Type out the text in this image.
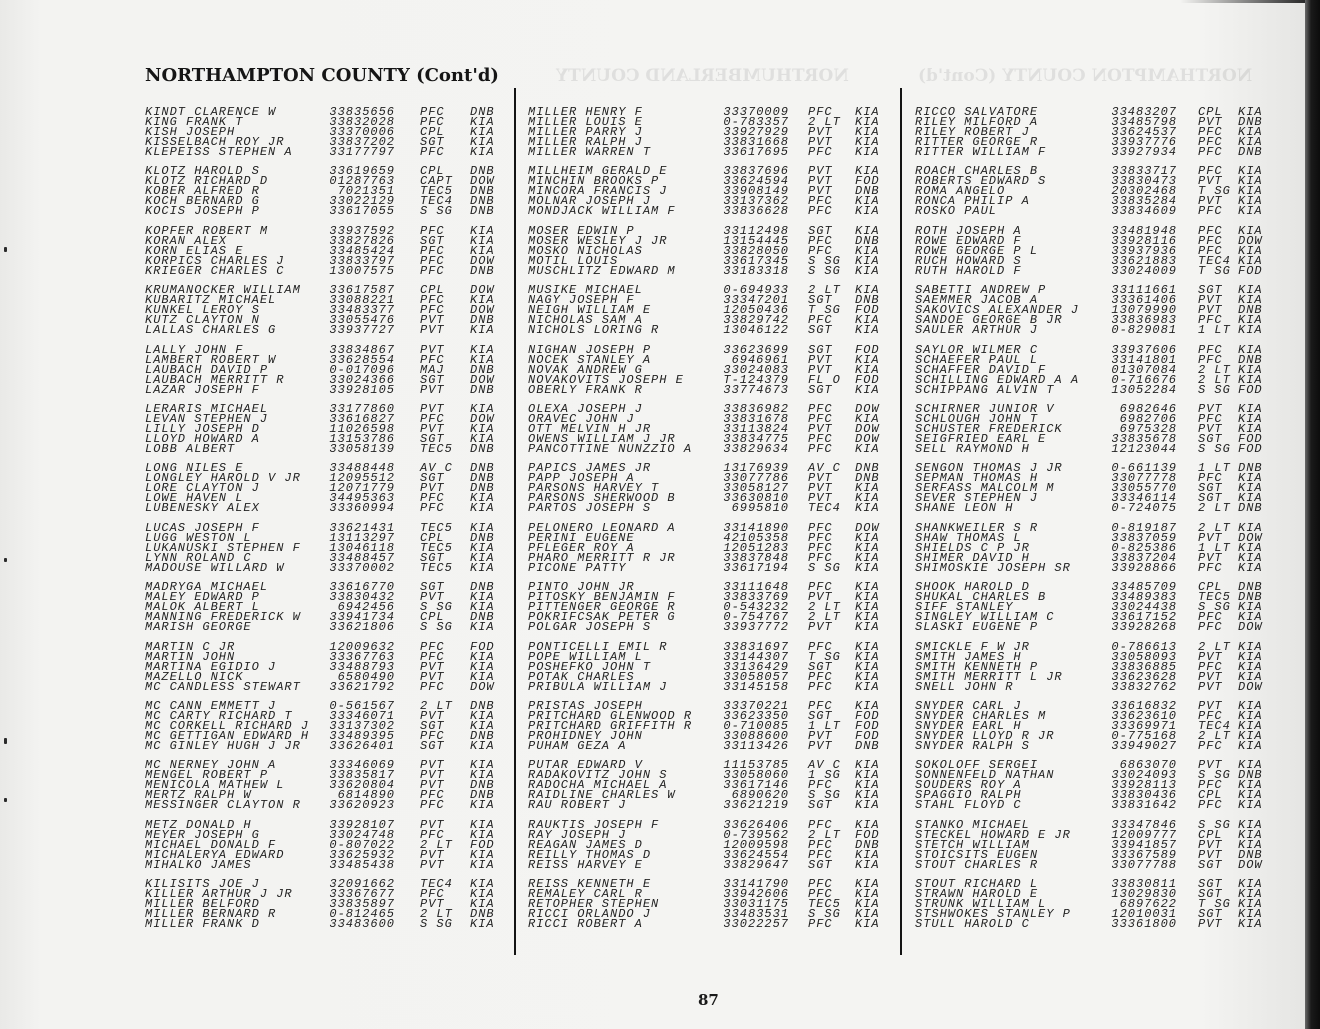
NORTHUMBERLAND COUNTY	NORTHAMPTON COUNTY (Cont'd)
NORTHAMPTON COUNTY (Cont'd)
KINDT CLARENCE W	33835656 PFC DNB
KING FRANK T	33832028 PFC KIA
KISH JOSEPH	33370006 CPL KIA
KISSELBACH ROY JR	33837202 SGT KIA
KLEPEISS STEPHEN A	33177797 PFC KIA
KLOTZ HAROLD S	33619659 CPL DNB
KLOTZ RICHARD D	01287763 CAPT DOW
KOBER ALFRED R	7021351 TEC5 DNB
KOCH BERNARD G	33022129 TEC4 DNB
KOCIS JOSEPH P	33617055 S SG DNB
KOPFER ROBERT M	33937592 PFC KIA
KORAN ALEX	33827826 SGT KIA
KORN ELIAS E	33485424 PFC KIA
KORPICS CHARLES J	33833797 PFC DOW
KRIEGER CHARLES C	13007575 PFC DNB
KRUMANOCKER WILLIAM 33617587 CPL DOW
KUBARITZ MICHAEL	33088221 PFC KIA
KUNKEL LEROY S	33483377 PFC DOW
KUTZ CLAYTON N	33055476 PVT DNB
LALLAS CHARLES G	33937727 PVT KIA
LALLY JOHN F	33834867 PVT KIA
LAMBERT ROBERT W	33628554 PFC KIA
LAUBACH DAVID P	0-017096 MAJ DNB
LAUBACH MERRITT R	33024366 SGT DOW
LAZAR JOSEPH F	33928105 PVT DNB
LERARIS MICHAEL	33177860 PVT KIA
LEVAN STEPHEN J	33616827 PFC DOW
LILLY JOSEPH D	11026598 PVT KIA
LLOYD HOWARD A	13153786 SGT KIA
LOBB ALBERT	33058139 TEC5 DNB
LONG NILES E	33488448 AV C DNB
LONGLEY HAROLD V JR 12095512 SGT DNB
LORE CLAYTON J	12071779 PVT DNB
LOWE HAVEN L	34495363 PFC KIA
LUBENESKY ALEX	33360994 PFC KIA
LUCAS JOSEPH F	33621431 TEC5 KIA
LUGG WESTON L	13113297 CPL DNB
LUKANUSKI STEPHEN F 13046118 TEC5 KIA
LYNN ROLAND C	33488457 SGT KIA
MADOUSE WILLARD W	33370002 TEC5 KIA
MADRYGA MICHAEL	33616770 SGT DNB
MALEY EDWARD P	33830432 PVT KIA
MALOK ALBERT L	6942456 S SG KIA
MANNING FREDERICK W 33941734 CPL DNB
MARISH GEORGE	33621806 S SG KIA
MARTIN C JR	12009632 PFC FOD
MARTIN JOHN	33367763 PFC KIA
MARTINA EGIDIO J	33488793 PVT KIA
MAZELLO NICK	6580490 PVT KIA
MC CANDLESS STEWART 33621792 PFC DOW
MC CANN EMMETT J	0-561567 2 LT DNB
MC CARTY RICHARD T	33346071 PVT KIA
MC CORKELL RICHARD J 33137302 SGT KIA
MC GETTIGAN EDWARD H 33489395 PFC DNB
MC GINLEY HUGH J JR 33626401 SGT KIA
MC NERNEY JOHN A	33346069 PVT KIA
MENGEL ROBERT P	33835817 PVT KIA
MENICOLA MATHEW L	33620804 PVT DNB
MERTZ RALPH W	6814890 PFC DNB
MESSINGER CLAYTON R 33620923 PFC KIA
METZ DONALD H	33928107 PVT KIA
MEYER JOSEPH G	33024748 PFC KIA
MICHAEL DONALD F	0-807022 2 LT FOD
MICHALERYA EDWARD	33625932 PVT KIA
MIHALKO JAMES	33485438 PVT KIA
KILISITS JOE J	32091662 TEC4 KIA
KILLER ARTHUR J JR	33367677 PFC KIA
MILLER BELFORD	33835897 PVT KIA
MILLER BERNARD R	0-812465 2 LT DNB
MILLER FRANK D	33483600 S SG KIA
MILLER HENRY F	33370009 PFC KIA
MILLER LOUIS E	0-783357 2 LT KIA
MILLER PARRY J	33927929 PVT KIA
MILLER RALPH J	33831668 PVT KIA
MILLER WARREN T	33617695 PFC KIA
MILLHEIM GERALD E	33837696 PVT KIA
MINCHIN BROOKS P	33624594 PVT FOD
MINCORA FRANCIS J	33908149 PVT DNB
MOLNAR JOSEPH J	33137362 PFC KIA
MONDJACK WILLIAM F	33836628 PFC KIA
MOSER EDWIN P	33112498 SGT KIA
MOSER WESLEY J JR	13154445 PFC DNB
MOSKO NICHOLAS	33828050 PFC KIA
MOTIL LOUIS	33617345 S SG KIA
MUSCHLITZ EDWARD M	33183318 S SG KIA
MUSIKE MICHAEL	0-694933 2 LT KIA
NAGY JOSEPH F	33347201 SGT DNB
NEIGH WILLIAM E	12050436 T SG FOD
NICHOLAS SAM A	33829742 PFC KIA
NICHOLS LORING R	13046122 SGT KIA
NIGHAN JOSEPH P	33623699 SGT FOD
NOCEK STANLEY A	6946961 PVT KIA
NOVAK ANDREW G	33024083 PVT KIA
NOVAKOVITS JOSEPH E	T-124379 FL O FOD
OBERLY FRANK R	33774673 SGT KIA
OLEXA JOSEPH J	33836982 PFC DOW
ORAVEC JOHN J	33831678 PFC KIA
OTT MELVIN H JR	33113824 PVT DOW
OWENS WILLIAM J JR	33834775 PFC DOW
PANCOTTINE NUNZZIO A	33829634 PFC KIA
PAPICS JAMES JR	13176939 AV C DNB
PAPP JOSEPH A	33077786 PVT DNB
PARSONS HARVEY T	33058127 PVT KIA
PARSONS SHERWOOD B	33630810 PVT KIA
PARTOS JOSEPH S	6995810 TEC4 KIA
PELONERO LEONARD A	33141890 PFC DOW
PERINI EUGENE	42105358 PFC KIA
PFLEGER ROY A	12051283 PFC KIA
PHARO MERRITT R JR	33837848 PFC KIA
PICONE PATTY	33617194 S SG KIA
PINTO JOHN JR	33111648 PFC KIA
PITOSKY BENJAMIN F	33833769 PVT KIA
PITTENGER GEORGE R	0-543232 2 LT KIA
POKRIFCSAK PETER G	0-754767 2 LT KIA
POLGAR JOSEPH S	33937772 PVT KIA
PONTICELLI EMIL R	33831697 PFC KIA
POPE WILLIAM L	33144307 T SG KIA
POSHEFKO JOHN T	33136429 SGT KIA
POTAK CHARLES	33058057 PFC KIA
PRIBULA WILLIAM J	33145158 PFC KIA
PRISTAS JOSEPH	33370221 PFC KIA
PRITCHARD GLENWOOD R	33623350 SGT FOD
PRITCHARD GRIFFITH R	0-710085 1 LT FOD
PROHIDNEY JOHN	33088600 PVT FOD
PUHAM GEZA A	33113426 PVT DNB
PUTAR EDWARD V	11153785 AV C KIA
RADAKOVITZ JOHN S	33058060 1 SG KIA
RADOCHA MICHAEL A	33617146 PFC KIA
RAIDLINE CHARLES W	6890620 S SG KIA
RAU ROBERT J	33621219 SGT KIA
RAUKTIS JOSEPH F	33626406 PFC KIA
RAY JOSEPH J	0-739562 2 LT FOD
REAGAN JAMES D	12009598 PFC DNB
REILLY THOMAS D	33624554 PFC KIA
REISS HARVEY E	33829647 SGT KIA
REISS KENNETH E	33141790 PFC KIA
REMALEY CARL R	33942606 PFC KIA
RETOPHER STEPHEN	33031175 TEC5 KIA
RICCI ORLANDO J	33483531 S SG KIA
RICCI ROBERT A	33022257 PFC KIA
RICCO SALVATORE	33483207 CPL KIA
RILEY MILFORD A	33485798 PVT DNB
RILEY ROBERT J	33624537 PFC KIA
RITTER GEORGE R	33937776 PFC KIA
RITTER WILLIAM F	33927934 PFC DNB
ROACH CHARLES B	33833717 PFC KIA
ROBERTS EDWARD S	33830473 PVT KIA
ROMA ANGELO	20302468 T SG KIA
RONCA PHILIP A	33835284 PVT KIA
ROSKO PAUL	33834609 PFC KIA
ROTH JOSEPH A	33481948 PFC KIA
ROWE EDWARD F	33928116 PFC DOW
ROWE GEORGE P L	33937936 PFC KIA
RUCH HOWARD S	33621883 TEC4 KIA
RUTH HAROLD F	33024009 T SG FOD
SABETTI ANDREW P	33111661 SGT KIA
SAEMMER JACOB A	33361406 PVT KIA
SAKOVICS ALEXANDER J	13079990 PVT DNB
SANDOE GEORGE B JR	33836983 PFC KIA
SAULER ARTHUR J	0-829081 1 LT KIA
SAYLOR WILMER C	33937606 PFC KIA
SCHAEFER PAUL L	33141801 PFC DNB
SCHAFFER DAVID F	01307084 2 LT KIA
SCHILLING EDWARD A A	0-716676 2 LT KIA
SCHIPPANG ALVIN T	13052284 S SG FOD
SCHIRNER JUNIOR V	6982646 PVT KIA
SCHLOUGH JOHN T	6982706 PFC KIA
SCHUSTER FREDERICK	6975328 PVT KIA
SEIGFRIED EARL E	33835678 SGT FOD
SELL RAYMOND H	12123044 S SG FOD
SENGON THOMAS J JR	0-661139 1 LT DNB
SEPMAN THOMAS H	33077778 PFC KIA
SERFASS MALCOLM M	33055770 SGT KIA
SEVER STEPHEN J	33346114 SGT KIA
SHANE LEON H	0-724075 2 LT DNB
SHANKWEILER S R	0-819187 2 LT KIA
SHAW THOMAS L	33837059 PVT DOW
SHIELDS C P JR	0-825386 1 LT KIA
SHIMER DAVID H	33837204 PVT KIA
SHIMOSKIE JOSEPH SR	33928866 PFC KIA
SHOOK HAROLD D	33485709 CPL DNB
SHUKAL CHARLES B	33489383 TEC5 DNB
SIFF STANLEY	33024438 S SG KIA
SINGLEY WILLIAM C	33617152 PFC KIA
SLASKI EUGENE P	33928268 PFC DOW
SMICKLE F W JR	0-786613 2 LT KIA
SMITH JAMES H	33058093 PVT KIA
SMITH KENNETH P	33836885 PFC KIA
SMITH MERRITT L JR	33623628 PVT KIA
SNELL JOHN R	33832762 PVT DOW
SNYDER CARL J	33616832 PVT KIA
SNYDER CHARLES M	33623610 PFC KIA
SNYDER EARL H	33369971 TEC4 KIA
SNYDER LLOYD R JR	0-775168 2 LT KIA
SNYDER RALPH S	33949027 PFC KIA
SOKOLOFF SERGEI	6863070 PVT KIA
SONNENFELD NATHAN	33024093 S SG DNB
SOUDERS ROY A	33928113 PFC KIA
SPAGGIO RALPH	33830436 CPL KIA
STAHL FLOYD C	33831642 PFC KIA
STANKO MICHAEL	33347846 S SG KIA
STECKEL HOWARD E JR	12009777 CPL KIA
STETCH WILLIAM	33941857 PVT KIA
STOICSITS EUGEN	33367589 PVT DNB
STOUT CHARLES R	33077788 SGT DOW
STOUT RICHARD L	33830811 SGT KIA
STRAWN HAROLD E	13029830 SGT KIA
STRUNK WILLIAM L	6897622 T SG KIA
STSHWOKES STANLEY P	12010031 SGT KIA
STULL HAROLD C	33361800 PVT KIA
87
